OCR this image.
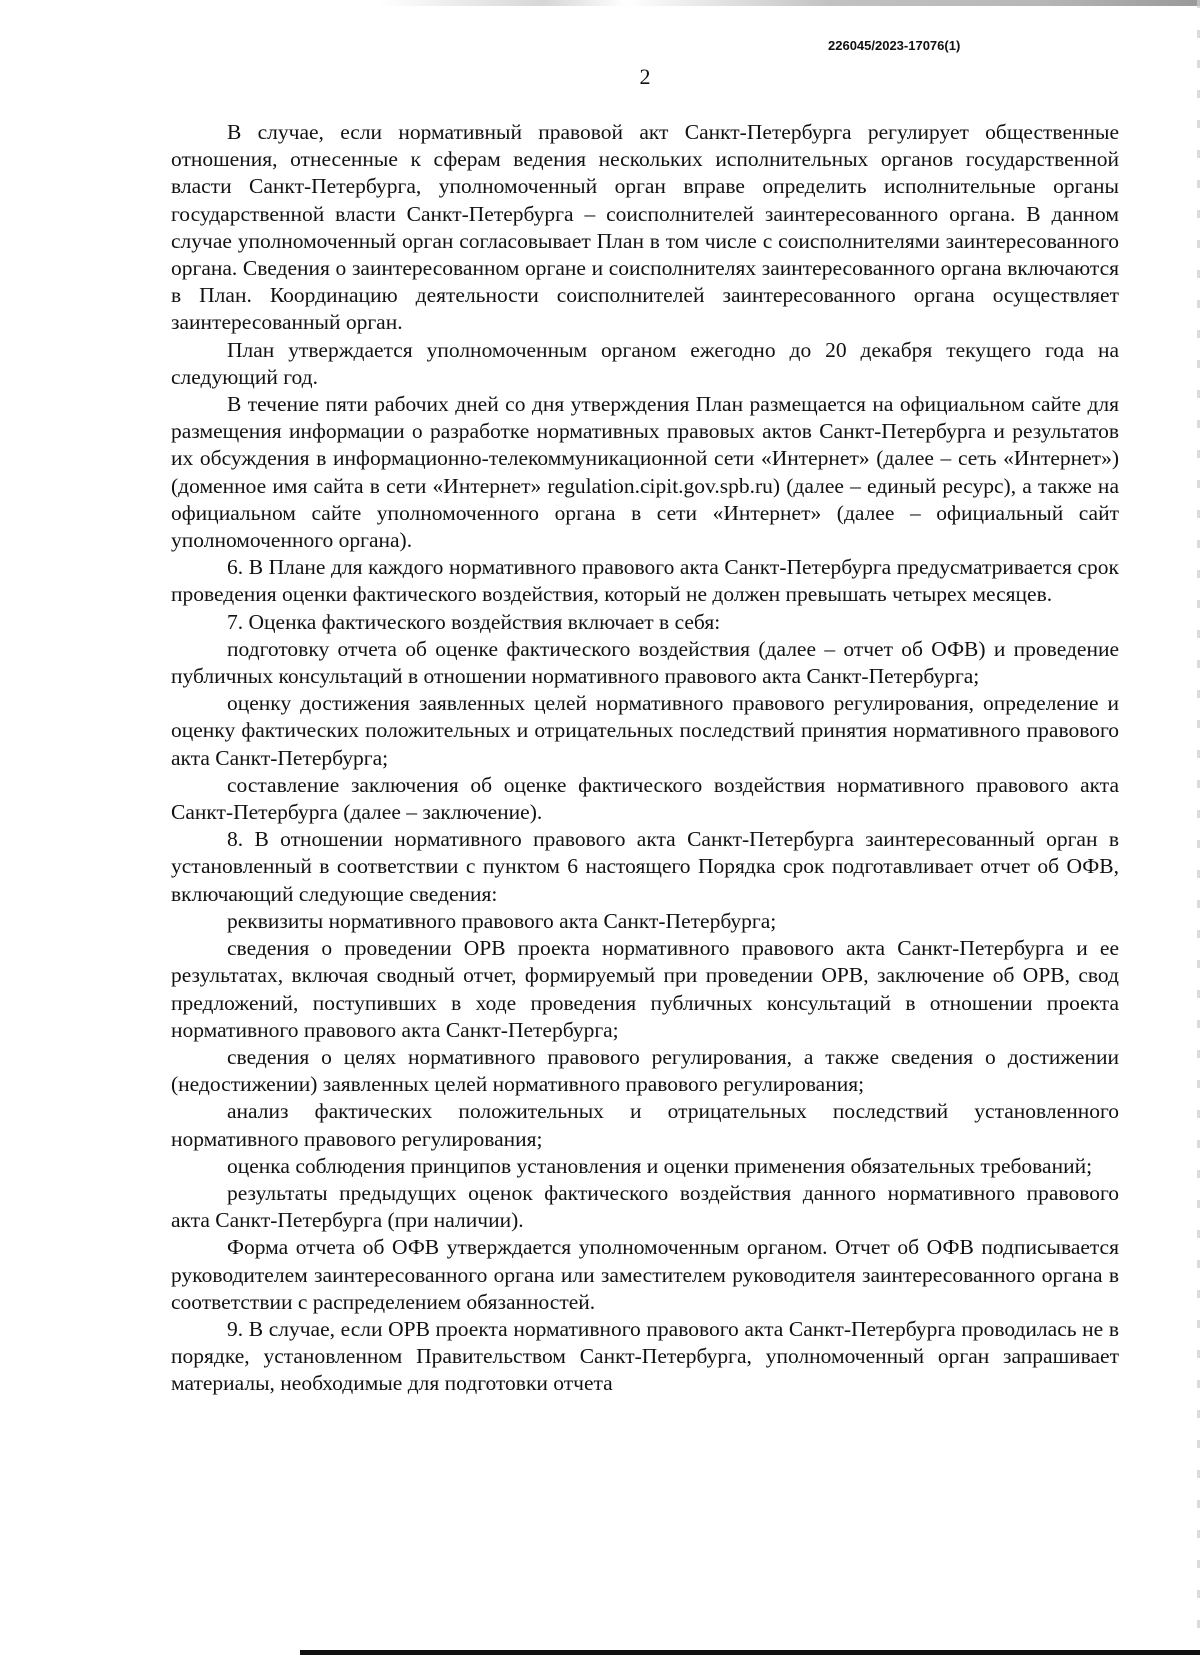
226045/2023-17076(1)
2

В случае, если нормативный правовой акт Санкт-Петербурга регулирует общественные отношения, отнесенные к сферам ведения нескольких исполнительных органов государственной власти Санкт-Петербурга, уполномоченный орган вправе определить исполнительные органы государственной власти Санкт-Петербурга – соисполнителей заинтересованного органа. В данном случае уполномоченный орган согласовывает План в том числе с соисполнителями заинтересованного органа. Сведения о заинтересованном органе и соисполнителях заинтересованного органа включаются в План. Координацию деятельности соисполнителей заинтересованного органа осуществляет заинтересованный орган.

План утверждается уполномоченным органом ежегодно до 20 декабря текущего года на следующий год.

В течение пяти рабочих дней со дня утверждения План размещается на официальном сайте для размещения информации о разработке нормативных правовых актов Санкт-Петербурга и результатов их обсуждения в информационно-телекоммуникационной сети «Интернет» (далее – сеть «Интернет») (доменное имя сайта в сети «Интернет» regulation.cipit.gov.spb.ru) (далее – единый ресурс), а также на официальном сайте уполномоченного органа в сети «Интернет» (далее – официальный сайт уполномоченного органа).

6. В Плане для каждого нормативного правового акта Санкт-Петербурга предусматривается срок проведения оценки фактического воздействия, который не должен превышать четырех месяцев.

7. Оценка фактического воздействия включает в себя:

подготовку отчета об оценке фактического воздействия (далее – отчет об ОФВ) и проведение публичных консультаций в отношении нормативного правового акта Санкт-Петербурга;

оценку достижения заявленных целей нормативного правового регулирования, определение и оценку фактических положительных и отрицательных последствий принятия нормативного правового акта Санкт-Петербурга;

составление заключения об оценке фактического воздействия нормативного правового акта Санкт-Петербурга (далее – заключение).

8. В отношении нормативного правового акта Санкт-Петербурга заинтересованный орган в установленный в соответствии с пунктом 6 настоящего Порядка срок подготавливает отчет об ОФВ, включающий следующие сведения:

реквизиты нормативного правового акта Санкт-Петербурга;

сведения о проведении ОРВ проекта нормативного правового акта Санкт-Петербурга и ее результатах, включая сводный отчет, формируемый при проведении ОРВ, заключение об ОРВ, свод предложений, поступивших в ходе проведения публичных консультаций в отношении проекта нормативного правового акта Санкт-Петербурга;

сведения о целях нормативного правового регулирования, а также сведения о достижении (недостижении) заявленных целей нормативного правового регулирования;

анализ фактических положительных и отрицательных последствий установленного нормативного правового регулирования;

оценка соблюдения принципов установления и оценки применения обязательных требований;

результаты предыдущих оценок фактического воздействия данного нормативного правового акта Санкт-Петербурга (при наличии).

Форма отчета об ОФВ утверждается уполномоченным органом. Отчет об ОФВ подписывается руководителем заинтересованного органа или заместителем руководителя заинтересованного органа в соответствии с распределением обязанностей.

9. В случае, если ОРВ проекта нормативного правового акта Санкт-Петербурга проводилась не в порядке, установленном Правительством Санкт-Петербурга, уполномоченный орган запрашивает материалы, необходимые для подготовки отчета
